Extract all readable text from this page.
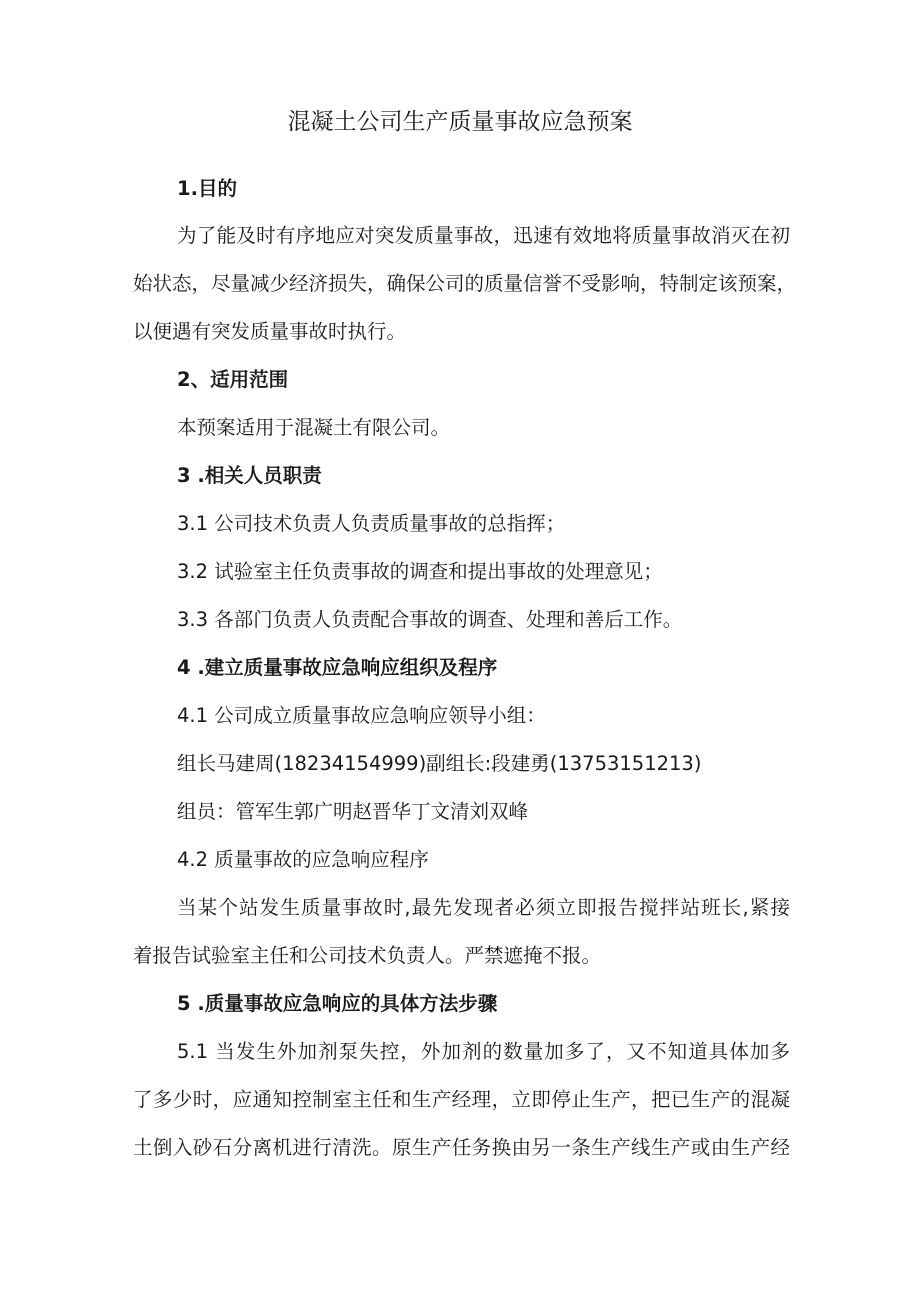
混凝土公司生产质量事故应急预案
1.目的
为了能及时有序地应对突发质量事故，迅速有效地将质量事故消灭在初
始状态，尽量减少经济损失，确保公司的质量信誉不受影响，特制定该预案，
以便遇有突发质量事故时执行。
2、适用范围
本预案适用于混凝土有限公司。
3 .相关人员职责
3.1 公司技术负责人负责质量事故的总指挥；
3.2 试验室主任负责事故的调查和提出事故的处理意见；
3.3 各部门负责人负责配合事故的调查、处理和善后工作。
4 .建立质量事故应急响应组织及程序
4.1 公司成立质量事故应急响应领导小组：
组长马建周(18234154999)副组长:段建勇(13753151213)
组员：管军生郭广明赵晋华丁文清刘双峰
4.2 质量事故的应急响应程序
当某个站发生质量事故时,最先发现者必须立即报告搅拌站班长,紧接
着报告试验室主任和公司技术负责人。严禁遮掩不报。
5 .质量事故应急响应的具体方法步骤
5.1 当发生外加剂泵失控，外加剂的数量加多了，又不知道具体加多
了多少时，应通知控制室主任和生产经理，立即停止生产，把已生产的混凝
土倒入砂石分离机进行清洗。原生产任务换由另一条生产线生产或由生产经
